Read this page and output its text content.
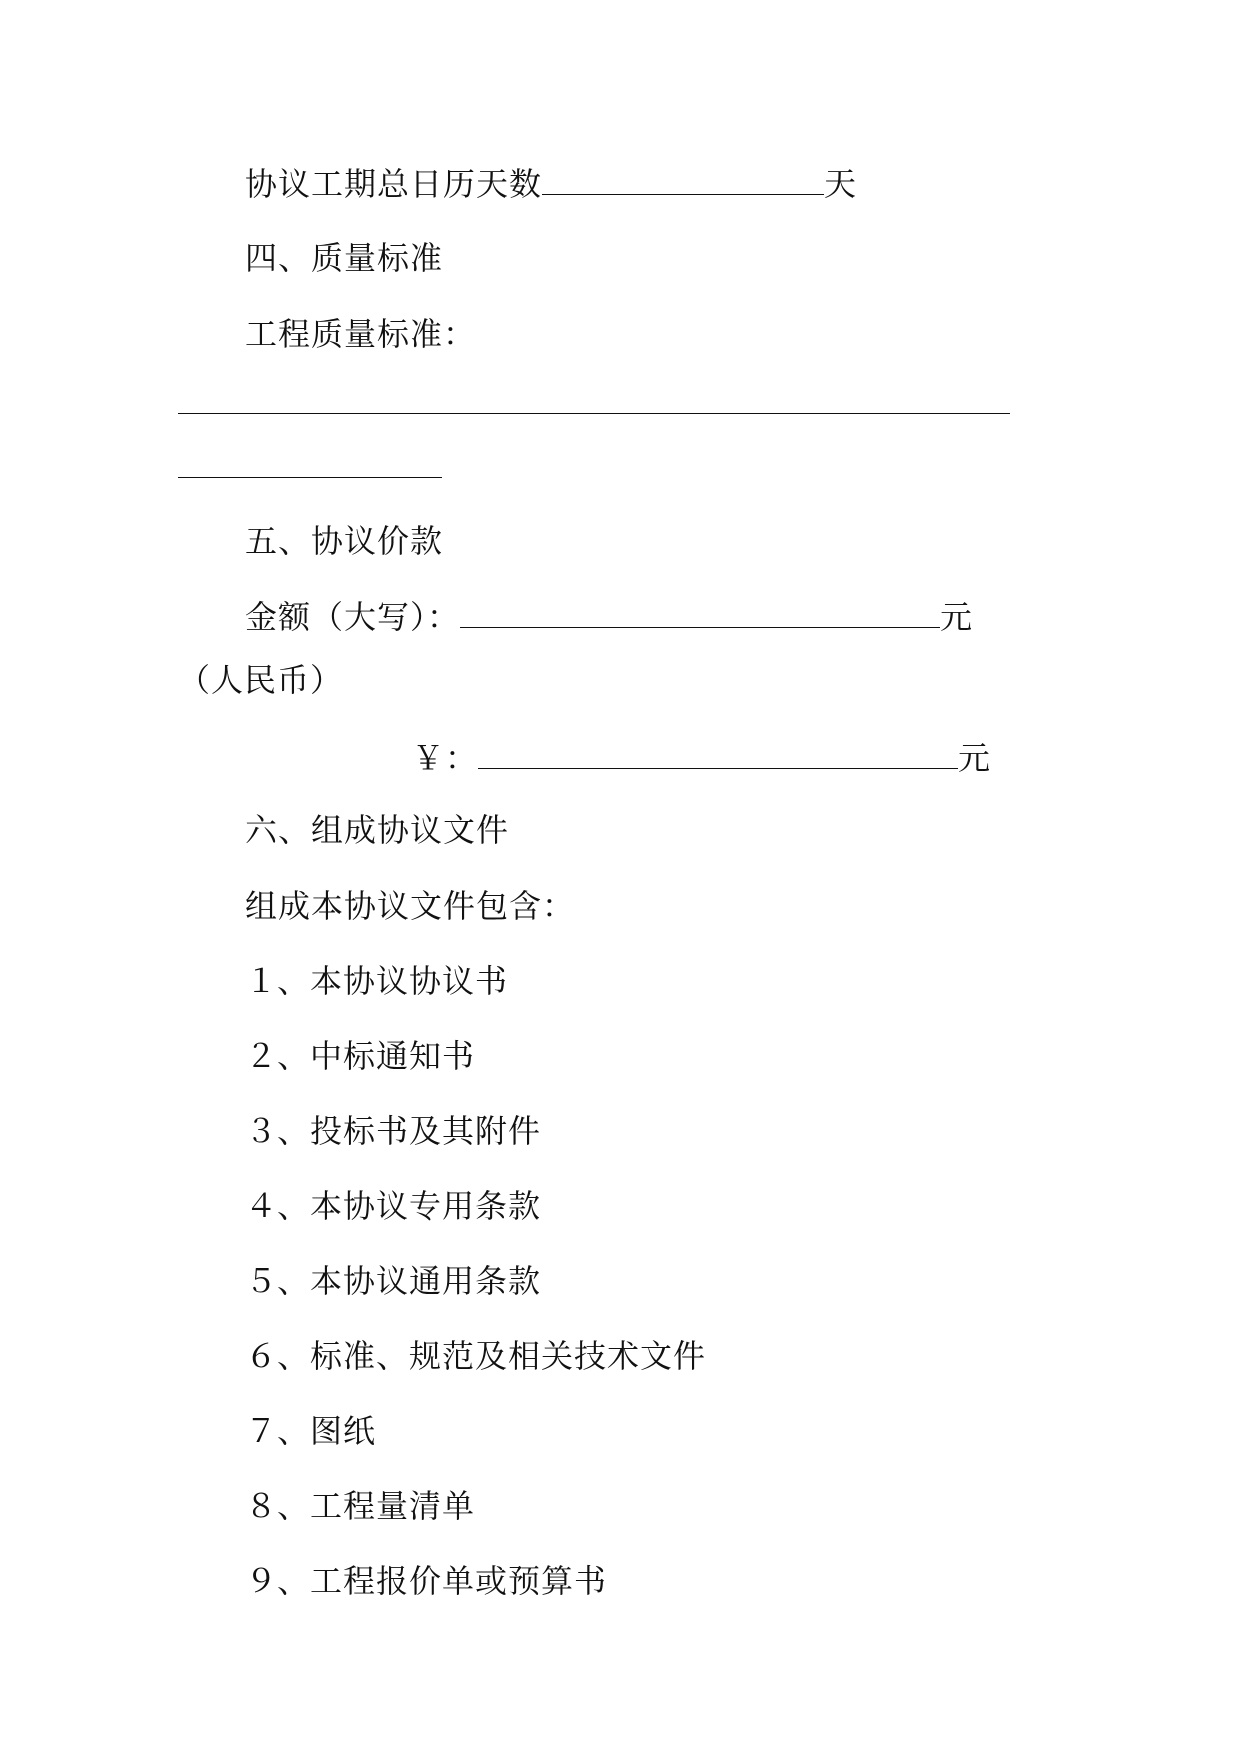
协议工期总日历天数	天
四、质量标准
工程质量标准：
五、协议价款
金额（大写）：	元
（人民币）
￥：	元
六、组成协议文件
组成本协议文件包含：
１、本协议协议书
２、中标通知书
３、投标书及其附件
４、本协议专用条款
５、本协议通用条款
６、标准、规范及相关技术文件
７、图纸
８、工程量清单
９、工程报价单或预算书
